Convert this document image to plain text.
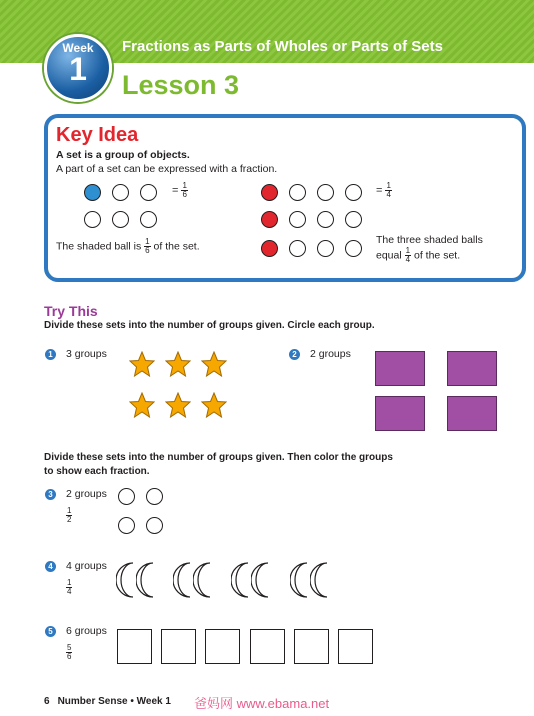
Week
1
Fractions as Parts of Wholes or Parts of Sets
Lesson 3
Key Idea
A set is a group of objects.
A part of a set can be expressed with a fraction.
= $\frac{1}{6}$
The shaded ball is $\frac{1}{6}$ of the set.
= $\frac{1}{4}$
The three shaded balls
equal $\frac{1}{4}$ of the set.
Try This
Divide these sets into the number of groups given. Circle each group.
1	3 groups	2	2 groups
Divide these sets into the number of groups given. Then color the groups
to show each fraction.
3	2 groups
$\frac{1}{2}$
4	4 groups
$\frac{1}{4}$
5	6 groups
$\frac{5}{6}$
6 Number Sense • Week 1 爸妈网 www.ebama.net
